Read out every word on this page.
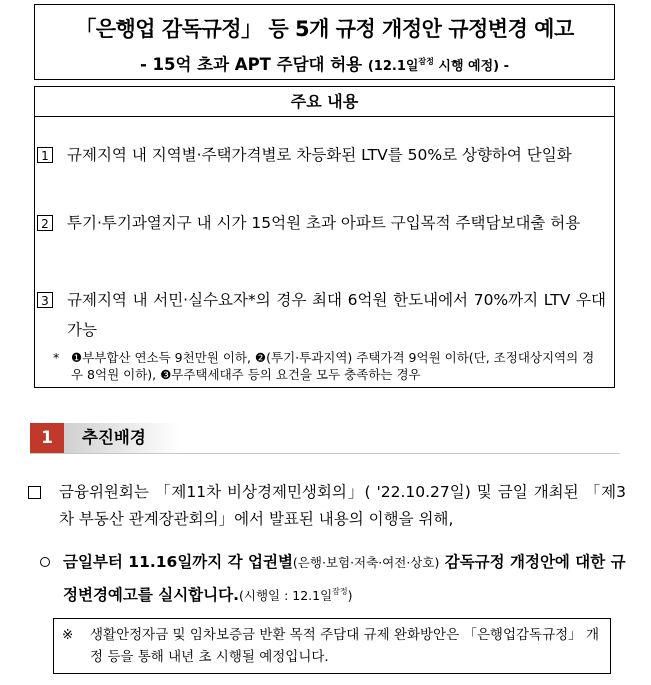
「은행업 감독규정」 등 5개 규정 개정안 규정변경 예고
- 15억 초과 APT 주담대 허용 (12.1일$^{잠정}$ 시행 예정) -
주요 내용
1 규제지역 내 지역별·주택가격별로 차등화된 LTV를 50%로 상향하여 단일화
2 투기·투기과열지구 내 시가 15억원 초과 아파트 구입목적 주택담보대출 허용
3 규제지역 내 서민·실수요자*의 경우 최대 6억원 한도내에서 70%까지 LTV 우대 가능
* ❶부부합산 연소득 9천만원 이하, ❷(투기·투과지역) 주택가격 9억원 이하(단, 조정대상지역의 경우 8억원 이하), ❸무주택세대주 등의 요건을 모두 충족하는 경우
1	추진배경
금융위원회는 「제11차 비상경제민생회의」( '22.10.27일) 및 금일 개최된 「제3차 부동산 관계장관회의」에서 발표된 내용의 이행을 위해,
금일부터 11.16일까지 각 업권별(은행·보험·저축·여전·상호) 감독규정 개정안에 대한 규정변경예고를 실시합니다.(시행일 : 12.1일$^{잠정}$)
※ 생활안정자금 및 임차보증금 반환 목적 주담대 규제 완화방안은 「은행업감독규정」 개정 등을 통해 내년 초 시행될 예정입니다.
